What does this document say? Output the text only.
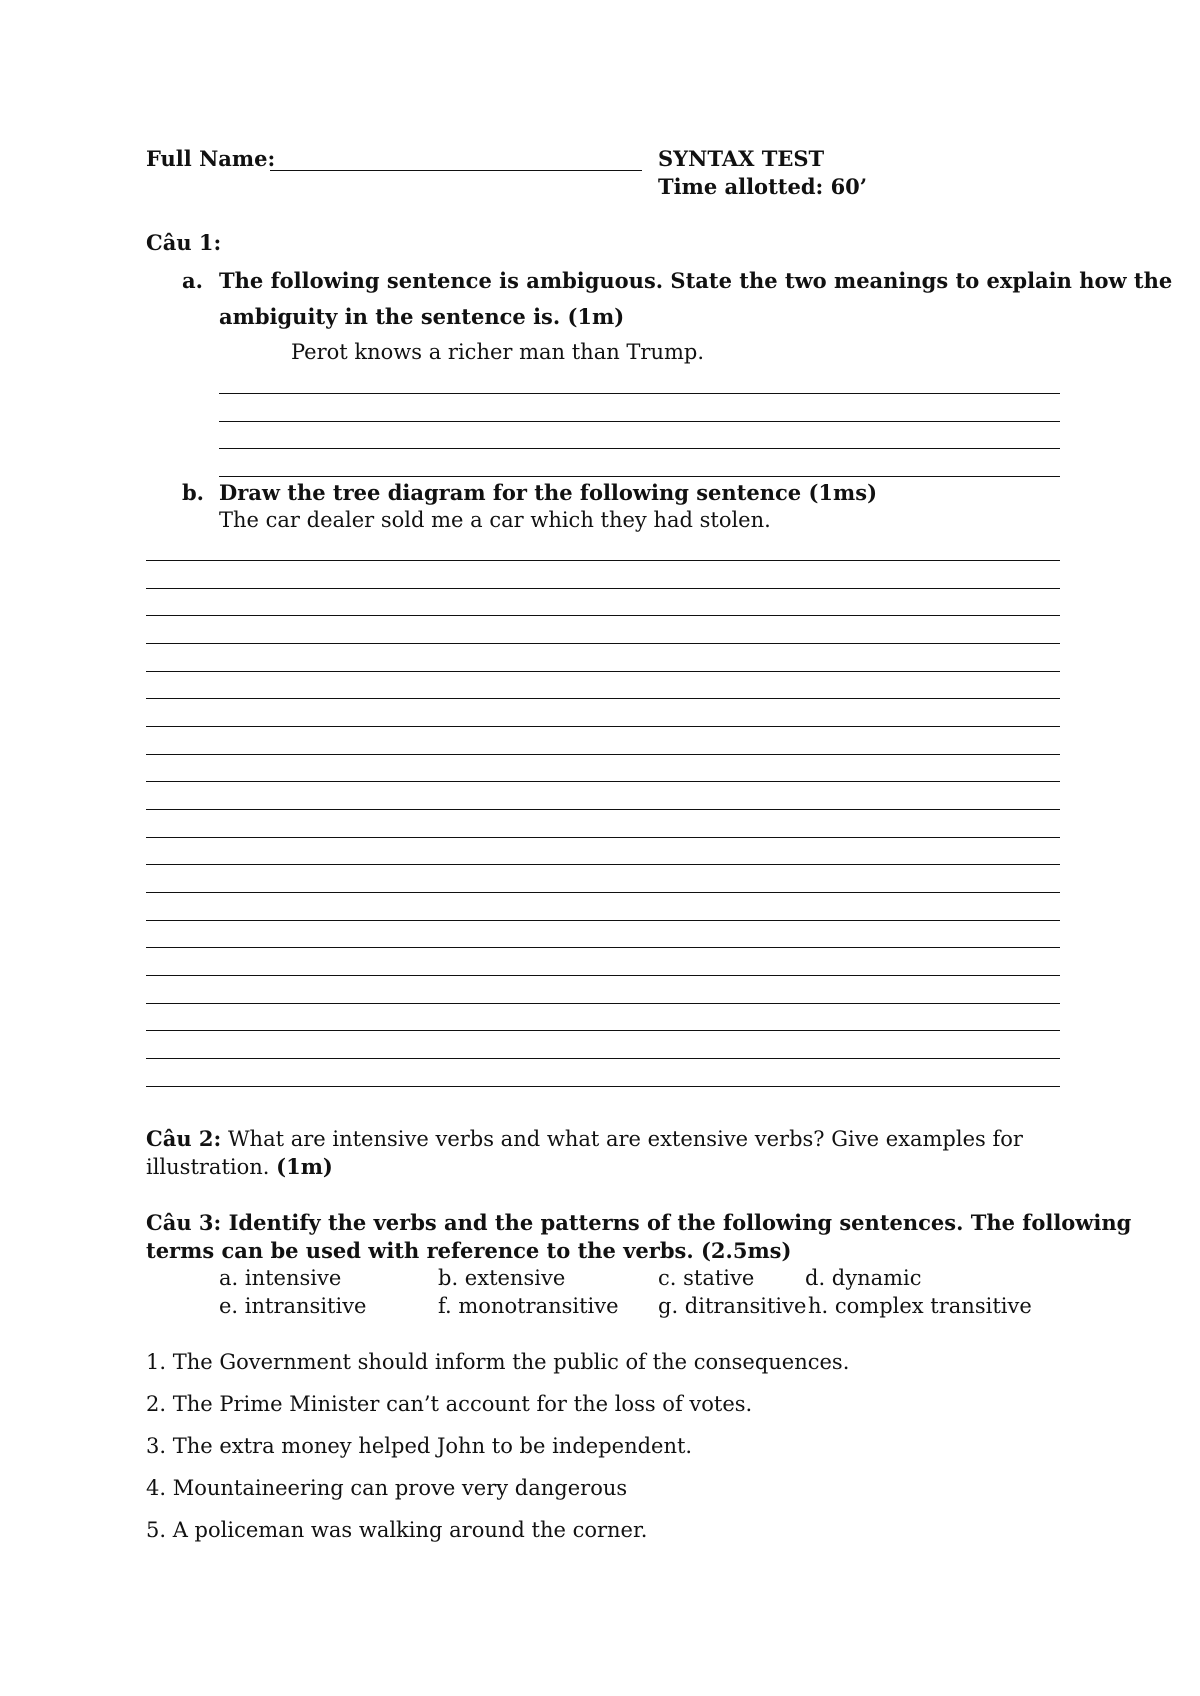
Full Name:	SYNTAX TEST
Time allotted: 60’
Câu 1:
a. The following sentence is ambiguous. State the two meanings to explain how the
ambiguity in the sentence is. (1m)
Perot knows a richer man than Trump.
b. Draw the tree diagram for the following sentence (1ms)
The car dealer sold me a car which they had stolen.
Câu 2: What are intensive verbs and what are extensive verbs? Give examples for
illustration. (1m)
Câu 3: Identify the verbs and the patterns of the following sentences. The following
terms can be used with reference to the verbs. (2.5ms)
a. intensive	b. extensive	c. stative d. dynamic
e. intransitive	f. monotransitive g. ditransitive h. complex transitive
1. The Government should inform the public of the consequences.
2. The Prime Minister can’t account for the loss of votes.
3. The extra money helped John to be independent.
4. Mountaineering can prove very dangerous
5. A policeman was walking around the corner.
